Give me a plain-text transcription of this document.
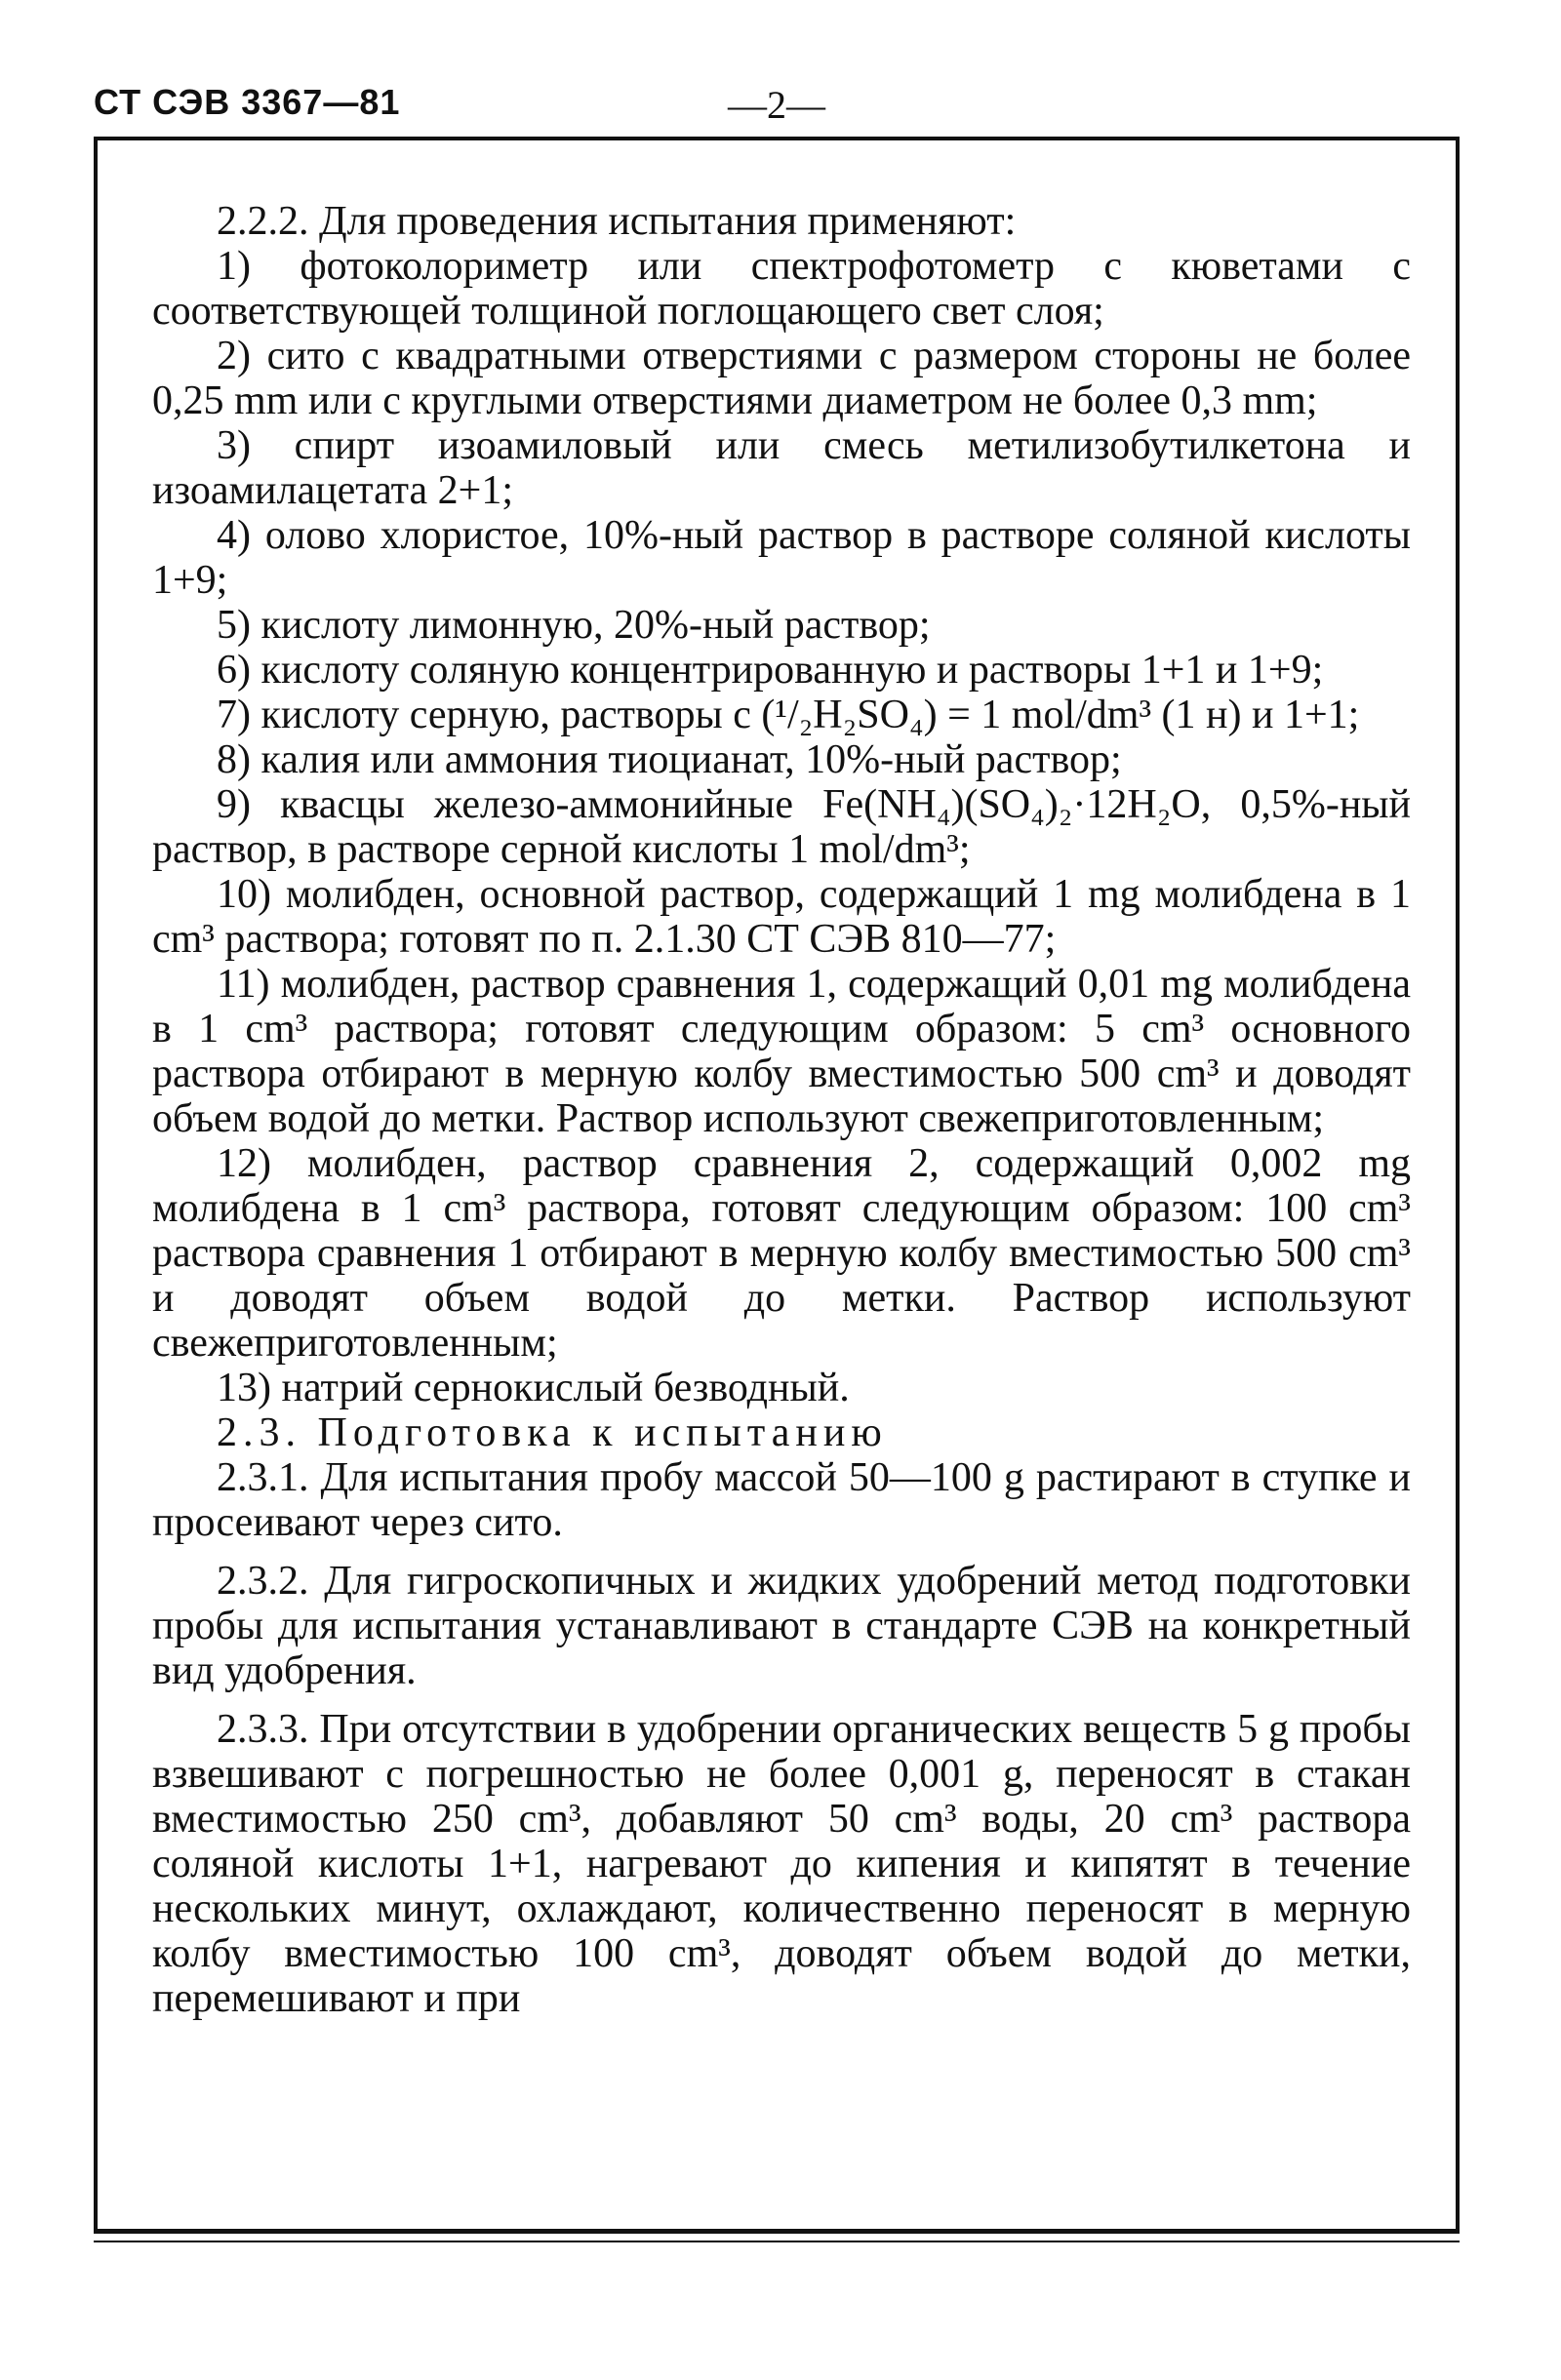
СТ СЭВ 3367—81	—2—

2.2.2. Для проведения испытания применяют:

1) фотоколориметр или спектрофотометр с кюветами с соответствующей толщиной поглощающего свет слоя;

2) сито с квадратными отверстиями с размером стороны не более 0,25 mm или с круглыми отверстиями диаметром не более 0,3 mm;

3) спирт изоамиловый или смесь метилизобутилкетона и изоамилацетата 2+1;

4) олово хлористое, 10%-ный раствор в растворе соляной кислоты 1+9;

5) кислоту лимонную, 20%-ный раствор;

6) кислоту соляную концентрированную и растворы 1+1 и 1+9;

7) кислоту серную, растворы с (¹/₂H₂SO₄) = 1 mol/dm³ (1 н) и 1+1;

8) калия или аммония тиоцианат, 10%-ный раствор;

9) квасцы железо-аммонийные Fe(NH₄)(SO₄)₂·12H₂O, 0,5%-ный раствор, в растворе серной кислоты 1 mol/dm³;

10) молибден, основной раствор, содержащий 1 mg молибдена в 1 cm³ раствора; готовят по п. 2.1.30 СТ СЭВ 810—77;

11) молибден, раствор сравнения 1, содержащий 0,01 mg молибдена в 1 cm³ раствора; готовят следующим образом: 5 cm³ основного раствора отбирают в мерную колбу вместимостью 500 cm³ и доводят объем водой до метки. Раствор используют свежеприготовленным;

12) молибден, раствор сравнения 2, содержащий 0,002 mg молибдена в 1 cm³ раствора, готовят следующим образом: 100 cm³ раствора сравнения 1 отбирают в мерную колбу вместимостью 500 cm³ и доводят объем водой до метки. Раствор используют свежеприготовленным;

13) натрий сернокислый безводный.

2.3. Подготовка к испытанию

2.3.1. Для испытания пробу массой 50—100 g растирают в ступке и просеивают через сито.

2.3.2. Для гигроскопичных и жидких удобрений метод подготовки пробы для испытания устанавливают в стандарте СЭВ на конкретный вид удобрения.

2.3.3. При отсутствии в удобрении органических веществ 5 g пробы взвешивают с погрешностью не более 0,001 g, переносят в стакан вместимостью 250 cm³, добавляют 50 cm³ воды, 20 cm³ раствора соляной кислоты 1+1, нагревают до кипения и кипятят в течение нескольких минут, охлаждают, количественно переносят в мерную колбу вместимостью 100 cm³, доводят объем водой до метки, перемешивают и при
